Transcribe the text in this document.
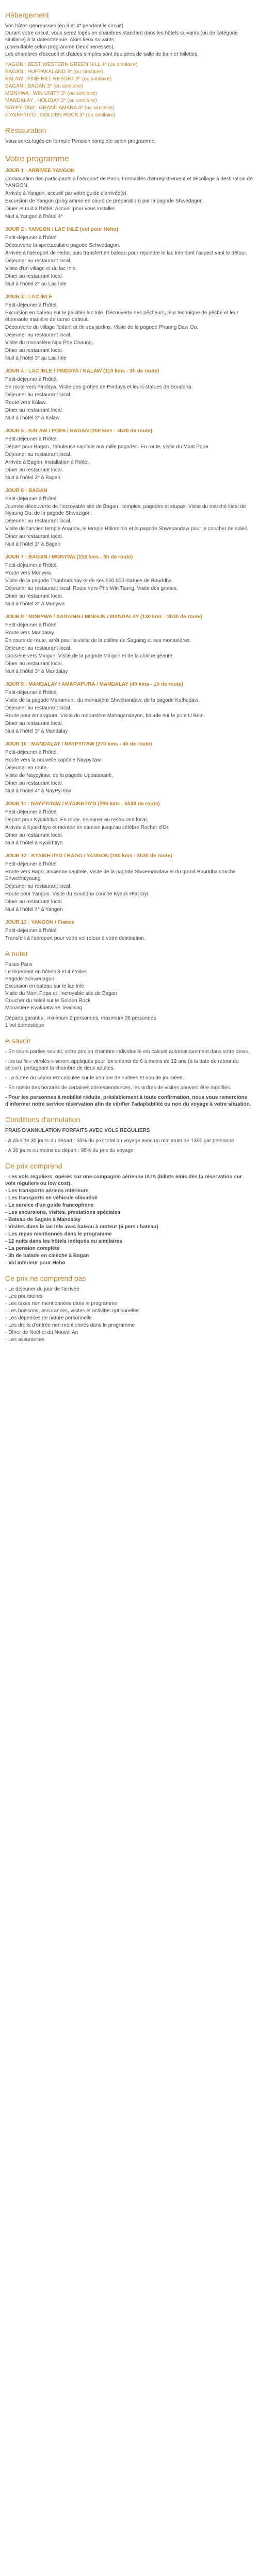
Hébergement

Vos hôtes genreusses (en 3 et 4* pendant le circuit)

Durant votre circuit, vous serez logés en chambres standard dans les hôtels suivants (ou de catégorie similaire) à la date/obtenue. Alors lieux suivants

(consultable selon programme Deux benesses).

Les chambres d'accueil et d'aides simples sont équipées de salle de bain et toilettes.

YAGON : BEST WESTERN GREEN HILL 4* (ou similaire)

BAGAN : HUPPAKALAND 3* (ou similaire)

KALAW : PINE HILL RESORT 3* (ou similaire)

BAGAN : BAGAN 3* (ou similaire)

MONYWA : WIN UNITY 3* (ou similaire)

MANDALAY : HOLIDAY 3* (ou similaire)

NAYPYITAW : GRAND AMARA 4* (ou similaire)

KYAIKHTIYO : GOLDEN ROCK 3* (ou similaire)

Restauration

Vous serez logés en formule Pension complète selon programme.

Votre programme

JOUR 1 : ARRIVEE YANGON

Convocation des participants à l'aéroport de Paris. Formalités d'enregistrement et décollage à destination de YANGON.

Arrivée à Yangon, accueil par votre guide d'arrivée(s).

Excursion de Yangon (programme en cours de préparation) par la pagode Shwedagon.

Dîner et nuit à l'hôtel. Accueil pour vous installer.

Nuit à Yangon à l'hôtel 4*

JOUR 2 : YANGON / LAC INLE (vol pour Heho)

Petit-déjeuner à l'hôtel.

Découverte la spectaculaire pagode Schwedagon.

Arrivée à l'aéroport de Heho, puis transfert en bateau pour rejoindre le lac Inle dont l'aspect vaut le détour.

Déjeuner au restaurant local.

Visite d'un village et du lac Inle.

Dîner au restaurant local.

Nuit à l'hôtel 3* au Lac Inle

JOUR 3 : LAC INLE

Petit-déjeuner à l'hôtel.

Excursion en bateau sur le paisible lac Inle. Découverte des pêcheurs, leur technique de pêche et leur étonnante manière de ramer debout.

Découverte du village flottant et de ses jardins. Visite de la pagode Phaung Daw Oo.

Déjeuner au restaurant local.

Visite du monastère Nga Phe Chaung.

Dîner au restaurant local.

Nuit à l'hôtel 3* au Lac Inle

JOUR 4 : LAC INLE / PINDAYA / KALAW (110 kms - 3h de route)

Petit-déjeuner à l'hôtel.

En route vers Pindaya. Visite des grottes de Pindaya et leurs statues de Bouddha.

Déjeuner au restaurant local.

Route vers Kalaw.

Dîner au restaurant local.

Nuit à l'hôtel 3* à Kalaw

JOUR 5 : KALAW / POPA / BAGAN (200 kms - 4h30 de route)

Petit-déjeuner à l'hôtel.

Départ pour Bagan , fabuleuse capitale aux mille pagodes. En route, visite du Mont Popa.

Déjeuner au restaurant local.

Arrivée à Bagan, installation à l'hôtel.

Dîner au restaurant local.

Nuit à l'hôtel 3* à Bagan

JOUR 6 : BAGAN

Petit-déjeuner à l'hôtel.

Journée découverte de l'incroyable site de Bagan : temples, pagodes et stupas. Visite du marché local de Nyaung Oo, de la pagode Shwezigon.

Déjeuner au restaurant local.

Visite de l'ancien temple Ananda, le temple Htilominlo et la pagode Shwesandaw pour le coucher de soleil.

Dîner au restaurant local.

Nuit à l'hôtel 3* à Bagan

JOUR 7 : BAGAN / MONYWA (153 kms - 3h de route)

Petit-déjeuner à l'hôtel.

Route vers Monywa.

Visite de la pagode Thanboddhay et de ses 500 000 statues de Bouddha.

Déjeuner au restaurant local. Route vers Pho Win Taung. Visite des grottes.

Dîner au restaurant local.

Nuit à l'hôtel 3* à Monywa

JOUR 8 : MONYWA / SAGAING / MINGUN / MANDALAY (130 kms - 3h30 de route)

Petit-déjeuner à l'hôtel.

Route vers Mandalay.

En cours de route, arrêt pour la visite de la colline de Sagaing et ses monastères.

Déjeuner au restaurant local.

Croisière vers Mingun. Visite de la pagode Mingun et de la cloche géante.

Dîner au restaurant local.

Nuit à l'hôtel 3* à Mandalay

JOUR 9 : MANDALAY / AMARAPURA / MANDALAY (40 kms - 1h de route)

Petit-déjeuner à l'hôtel.

Visite de la pagode Mahamuni, du monastère Shwenandaw, de la pagode Kuthodaw.

Déjeuner au restaurant local.

Route pour Amarapura. Visite du monastère Mahagandayon, balade sur le pont U Bein.

Dîner au restaurant local.

Nuit à l'hôtel 3* à Mandalay

JOUR 10 : MANDALAY / NAYPYITAW (270 kms - 4h de route)

Petit-déjeuner à l'hôtel.

Route vers la nouvelle capitale Naypyitaw.

Déjeuner en route.

Visite de Naypyitaw, de la pagode Uppatasanti.

Dîner au restaurant local.

Nuit à l'hôtel 4* à NayPyiTaw

JOUR 11 : NAYPYITAW / KYAIKHTIYO (285 kms - 5h30 de route)

Petit-déjeuner à l'hôtel.

Départ pour Kyaikhtiyo. En route, déjeuner au restaurant local.

Arrivée à Kyaikhtiyo et montée en camion jusqu'au célèbre Rocher d'Or.

Dîner au restaurant local.

Nuit à l'hôtel à Kyaikhtiyo

JOUR 12 : KYAIKHTIYO / BAGO / YANGON (180 kms - 3h30 de route)

Petit-déjeuner à l'hôtel.

Route vers Bago, ancienne capitale. Visite de la pagode Shwemawdaw et du grand Bouddha couché Shwethalyaung.

Déjeuner au restaurant local.

Route pour Yangon. Visite du Bouddha couché Kyauk Htat Gyi.

Dîner au restaurant local.

Nuit à l'hôtel 4* à Yangon

JOUR 13 : YANGON / France

Petit-déjeuner à l'hôtel.

Transfert à l'aéroport pour votre vol retour à votre destination.

A noter

Palais Paris

Le logement en hôtels 3 et 4 étoiles

Pagode Schwedagon

Excursion en bateau sur le lac Inle

Visite du Mont Popa et l'incroyable site de Bagan

Coucher du soleil sur le Golden Rock

Monastère Kyakhatwine Teaching

Départs garantis : minimum 2 personnes, maximum 36 personnes

1 vol domestique

A savoir

- En cours parties soulait, votre prix en chambre individuelle est calculé automatiquement dans votre devis.

- les tarifs « vitrolés » seront appliqués pour les enfants de 6 à moins de 12 ans (à la date de retour du séjour), partageant la chambre de deux adultes.

- La durée du séjour est calculée sur le nombre de nuitées et non de journées.

- En raison des horaires de certaines correspondances, les ordres de visites peuvent être modifiés.

- Pour les personnes à mobilité réduite, préalablement à toute confirmation, nous vous remercions d'informer notre service réservation afin de vérifier l'adaptabilité ou non du voyage à votre situation.

Conditions d'annulation

FRAIS D'ANNULATION FORFAITS AVEC VOLS REGULIERS

- A plus de 30 jours du départ : 50% du prix total du voyage avec un minimum de 135€ par personne

- A 30 jours ou moins du départ : 95% du prix du voyage

Ce prix comprend

- Les vols réguliers, opérés sur une compagnie aérienne IATA (billets émis dès la réservation sur vols réguliers ou low cost).

- Les transports aériens intérieurs

- Les transports en véhicule climatisé

- Le service d'un guide francophone

- Les excursions, visites, prestations spéciales

- Bateau de Sagain à Mandalay

- Visites dans le lac Inle avec bateau à moteur (5 pers / bateau)

- Les repas mentionnés dans le programme

- 12 nuits dans les hôtels indiqués ou similaires

- La pension complète

- 3h de balade en calèche à Bagan

- Vol intérieur pour Heho

Ce prix ne comprend pas

- Le déjeuner du jour de l'arrivée

- Les pourboires

- Les taxes non mentionnées dans le programme

- Les boissons, assurances, visites et activités optionnelles

- Les dépenses de nature personnelle

- Les droits d'entrée non mentionnés dans le programme

- Dîner de Noël et du Nouvel An

- Les assurances
